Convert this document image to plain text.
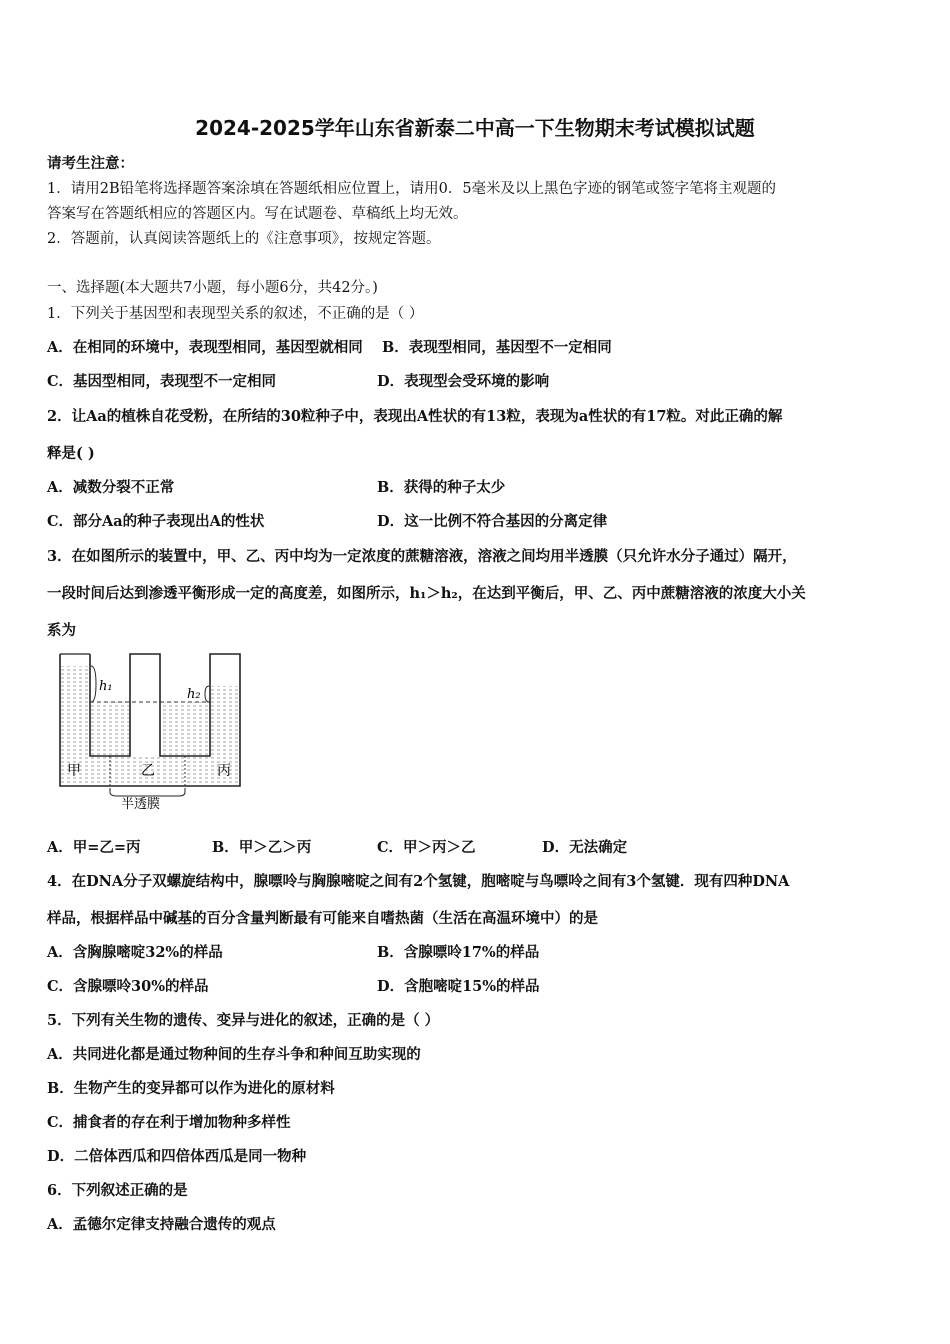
2024-2025学年山东省新泰二中高一下生物期末考试模拟试题
请考生注意：
1．请用2B铅笔将选择题答案涂填在答题纸相应位置上，请用0．5毫米及以上黑色字迹的钢笔或签字笔将主观题的
答案写在答题纸相应的答题区内。写在试题卷、草稿纸上均无效。
2．答题前，认真阅读答题纸上的《注意事项》，按规定答题。
一、选择题(本大题共7小题，每小题6分，共42分。)
1．下列关于基因型和表现型关系的叙述，不正确的是（ ）
A．在相同的环境中，表现型相同，基因型就相同 B．表现型相同，基因型不一定相同
C．基因型相同，表现型不一定相同	D．表现型会受环境的影响
2．让Aa的植株自花受粉，在所结的30粒种子中，表现出A性状的有13粒，表现为a性状的有17粒。对此正确的解
释是( )
A．减数分裂不正常	B．获得的种子太少
C．部分Aa的种子表现出A的性状	D．这一比例不符合基因的分离定律
3．在如图所示的装置中，甲、乙、丙中均为一定浓度的蔗糖溶液，溶液之间均用半透膜（只允许水分子通过）隔开，
一段时间后达到渗透平衡形成一定的高度差，如图所示，h₁＞h₂，在达到平衡后，甲、乙、丙中蔗糖溶液的浓度大小关
系为
h₁
h₂
甲	乙	丙
半透膜
A．甲=乙=丙	B．甲＞乙＞丙	C．甲＞丙＞乙	D．无法确定
4．在DNA分子双螺旋结构中，腺嘌呤与胸腺嘧啶之间有2个氢键，胞嘧啶与鸟嘌呤之间有3个氢键．现有四种DNA
样品，根据样品中碱基的百分含量判断最有可能来自嗜热菌（生活在高温环境中）的是
A．含胸腺嘧啶32%的样品	B．含腺嘌呤17%的样品
C．含腺嘌呤30%的样品	D．含胞嘧啶15%的样品
5．下列有关生物的遗传、变异与进化的叙述，正确的是（ ）
A．共同进化都是通过物种间的生存斗争和种间互助实现的
B．生物产生的变异都可以作为进化的原材料
C．捕食者的存在利于增加物种多样性
D．二倍体西瓜和四倍体西瓜是同一物种
6．下列叙述正确的是
A．孟德尔定律支持融合遗传的观点
